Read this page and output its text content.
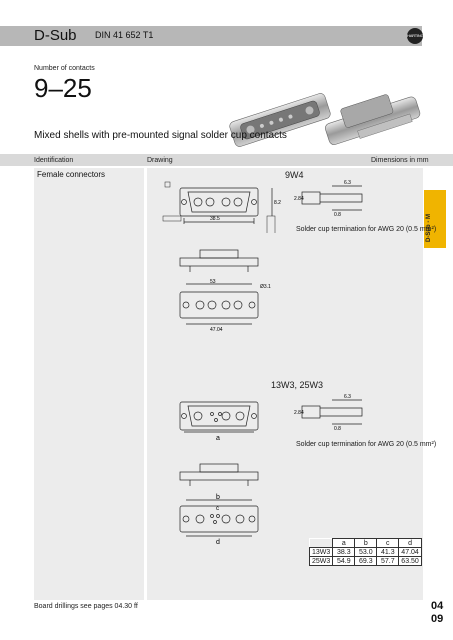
D-Sub DIN 41 652 T1	HARTING
Number of contacts
9–25
Mixed shells with pre-mounted signal solder cup contacts
Identification	Drawing	Dimensions in mm
Female connectors
D-Sub - M
9W4
38.5
8.2
6.3
0.8
2.84
Solder cup termination for AWG 20 (0.5 mm²)
53
47.04
Ø3.1
13W3, 25W3
a
6.3
0.8
2.84
Solder cup termination for AWG 20 (0.5 mm²)
b
c
d
		a	b	c	d
13W3	38.3	53.0	41.3	47.04
25W3	54.9	69.3	57.7	63.50
04
09
Board drillings see pages 04.30 ff
